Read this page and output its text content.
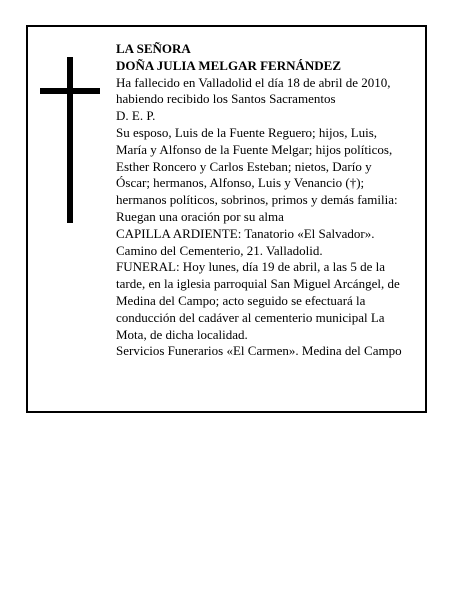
LA SEÑORA
DOÑA JULIA MELGAR FERNÁNDEZ
Ha fallecido en Valladolid el día 18 de abril de 2010,
habiendo recibido los Santos Sacramentos
D. E. P.
Su esposo, Luis de la Fuente Reguero; hijos, Luis,
María y Alfonso de la Fuente Melgar; hijos políticos,
Esther Roncero y Carlos Esteban; nietos, Darío y
Óscar; hermanos, Alfonso, Luis y Venancio (†);
hermanos políticos, sobrinos, primos y demás familia:
Ruegan una oración por su alma
CAPILLA ARDIENTE: Tanatorio «El Salvador».
Camino del Cementerio, 21. Valladolid.
FUNERAL: Hoy lunes, día 19 de abril, a las 5 de la
tarde, en la iglesia parroquial San Miguel Arcángel, de
Medina del Campo; acto seguido se efectuará la
conducción del cadáver al cementerio municipal La
Mota, de dicha localidad.
Servicios Funerarios «El Carmen». Medina del Campo
